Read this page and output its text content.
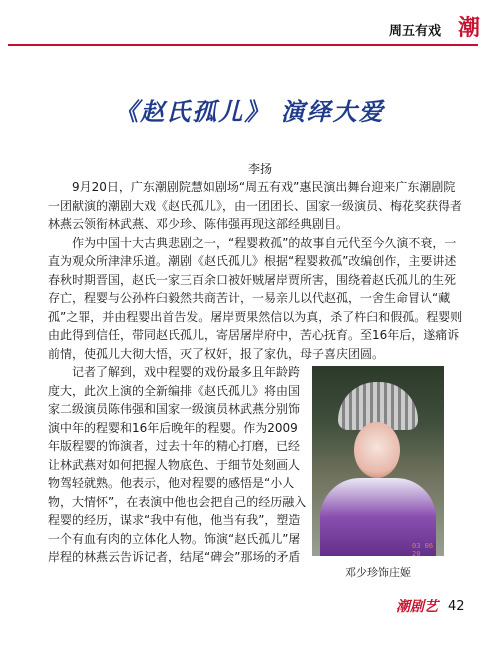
周五有戏 潮
《赵氏孤儿》 演绎大爱
李扬

9月20日，广东潮剧院慧如剧场“周五有戏”惠民演出舞台迎来广东潮剧院一团献演的潮剧大戏《赵氏孤儿》，由一团团长、国家一级演员、梅花奖获得者林燕云领衔林武燕、邓少珍、陈伟强再现这部经典剧目。

作为中国十大古典悲剧之一，“程婴救孤”的故事自元代至今久演不衰，一直为观众所津津乐道。潮剧《赵氏孤儿》根据“程婴救孤”改编创作，主要讲述春秋时期晋国，赵氏一家三百余口被奸贼屠岸贾所害，围绕着赵氏孤儿的生死存亡，程婴与公孙杵臼毅然共商苦计，一易亲儿以代赵孤，一舍生命冒认“藏孤”之罪，并由程婴出首告发。屠岸贾果然信以为真，杀了杵臼和假孤。程婴则由此得到信任，带同赵氏孤儿，寄居屠岸府中，苦心抚育。至16年后，遂痛诉前情，使孤儿大彻大悟，灭了权奸，报了家仇，母子喜庆团圆。

记者了解到，戏中程婴的戏份最多且年龄跨度大，此次上演的全新编排《赵氏孤儿》将由国家二级演员陈伟强和国家一级演员林武燕分别饰演中年的程婴和16年后晚年的程婴。作为2009年版程婴的饰演者，过去十年的精心打磨，已经让林武燕对如何把握人物底色、于细节处刻画人物驾轻就熟。他表示，他对程婴的感悟是“小人物，大情怀”，在表演中他也会把自己的经历融入程婴的经历，谋求“我中有他，他当有我”，塑造一个有血有肉的立体化人物。饰演“赵氏孤儿”屠岸程的林燕云告诉记者，结尾“碑会”那场的矛盾

03 06 20
邓少珍饰庄姬
潮剧艺 42
